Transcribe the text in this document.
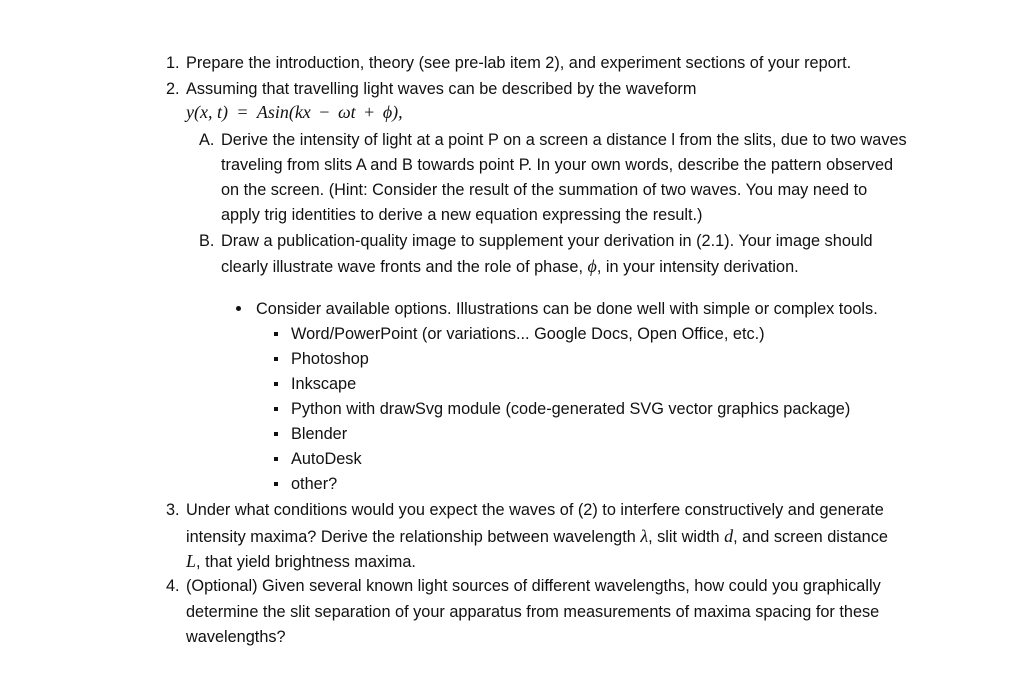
1. Prepare the introduction, theory (see pre-lab item 2), and experiment sections of your report.
2. Assuming that travelling light waves can be described by the waveform
y(x, t) = Asin(kx − ωt + ϕ),
A. Derive the intensity of light at a point P on a screen a distance l from the slits, due to two waves
traveling from slits A and B towards point P. In your own words, describe the pattern observed
on the screen. (Hint: Consider the result of the summation of two waves. You may need to
apply trig identities to derive a new equation expressing the result.)
B. Draw a publication-quality image to supplement your derivation in (2.1). Your image should
clearly illustrate wave fronts and the role of phase, ϕ, in your intensity derivation.
Consider available options. Illustrations can be done well with simple or complex tools.
Word/PowerPoint (or variations... Google Docs, Open Office, etc.)
Photoshop
Inkscape
Python with drawSvg module (code-generated SVG vector graphics package)
Blender
AutoDesk
other?
3. Under what conditions would you expect the waves of (2) to interfere constructively and generate
intensity maxima? Derive the relationship between wavelength λ, slit width d, and screen distance
L, that yield brightness maxima.
4. (Optional) Given several known light sources of different wavelengths, how could you graphically
determine the slit separation of your apparatus from measurements of maxima spacing for these
wavelengths?
